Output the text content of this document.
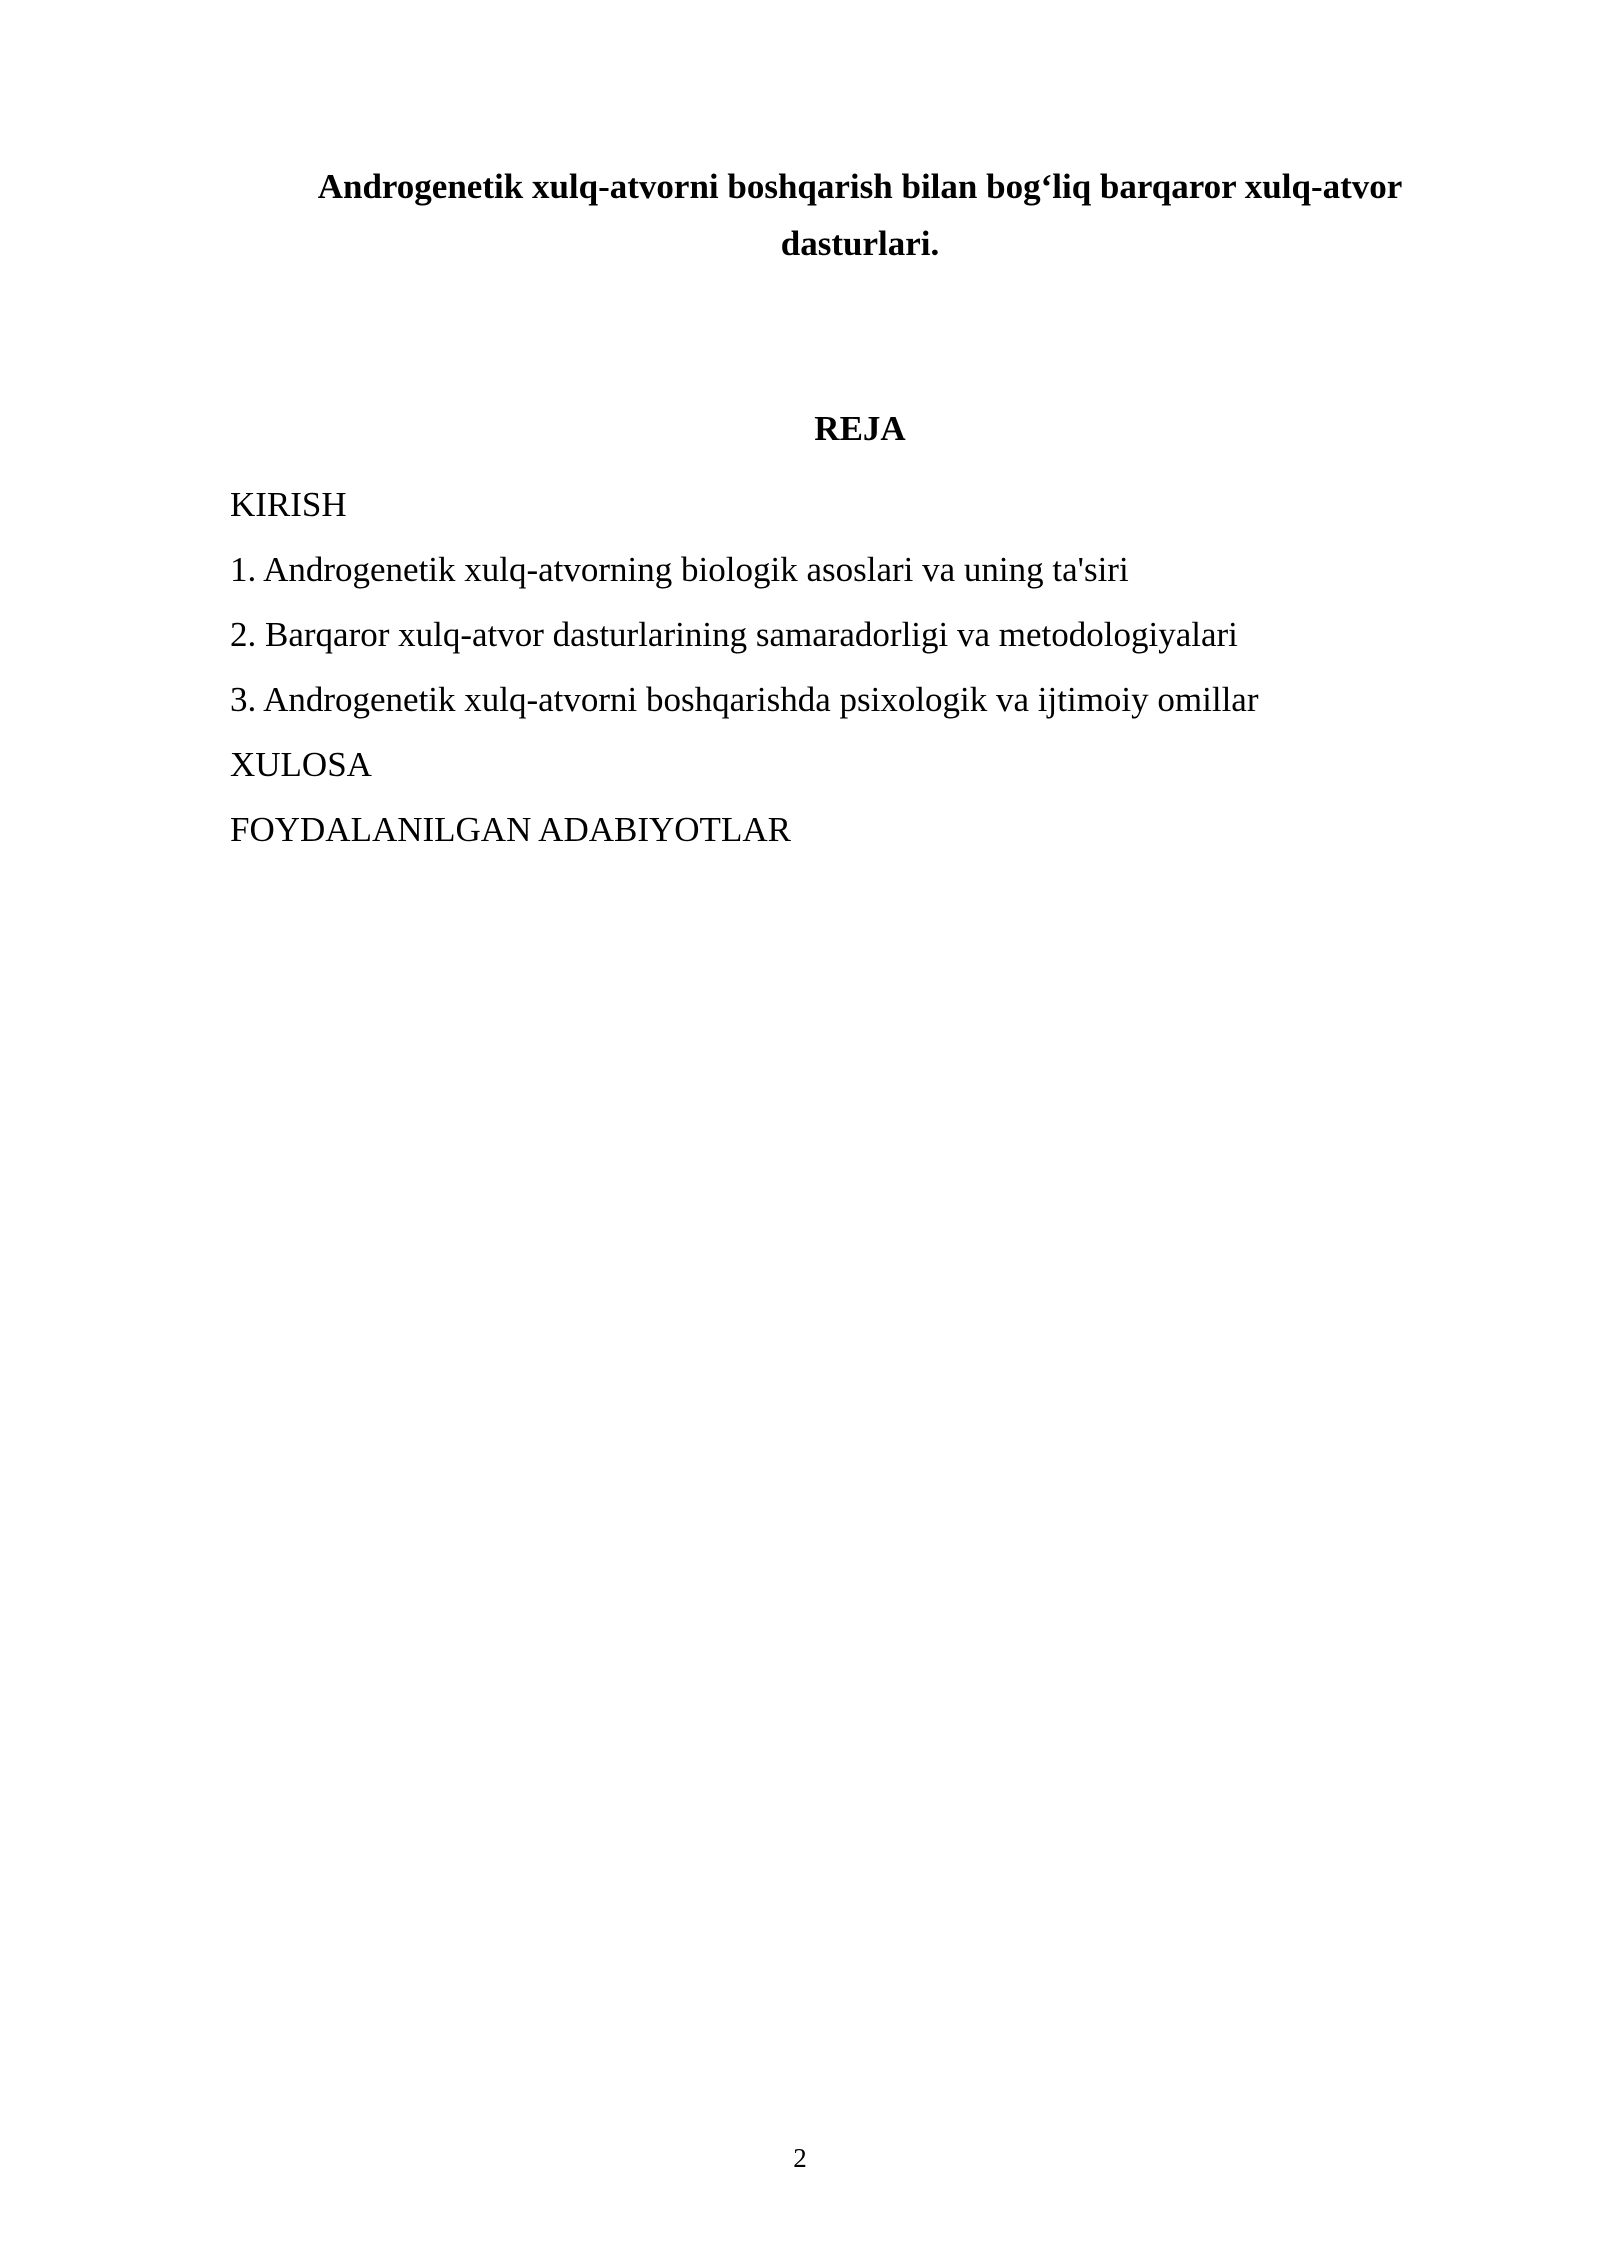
Androgenetik xulq-atvorni boshqarish bilan bog‘liq barqaror xulq-atvor
dasturlari.
REJA
KIRISH
1. Androgenetik xulq-atvorning biologik asoslari va uning ta'siri
2. Barqaror xulq-atvor dasturlarining samaradorligi va metodologiyalari
3. Androgenetik xulq-atvorni boshqarishda psixologik va ijtimoiy omillar
XULOSA
FOYDALANILGAN ADABIYOTLAR
2
